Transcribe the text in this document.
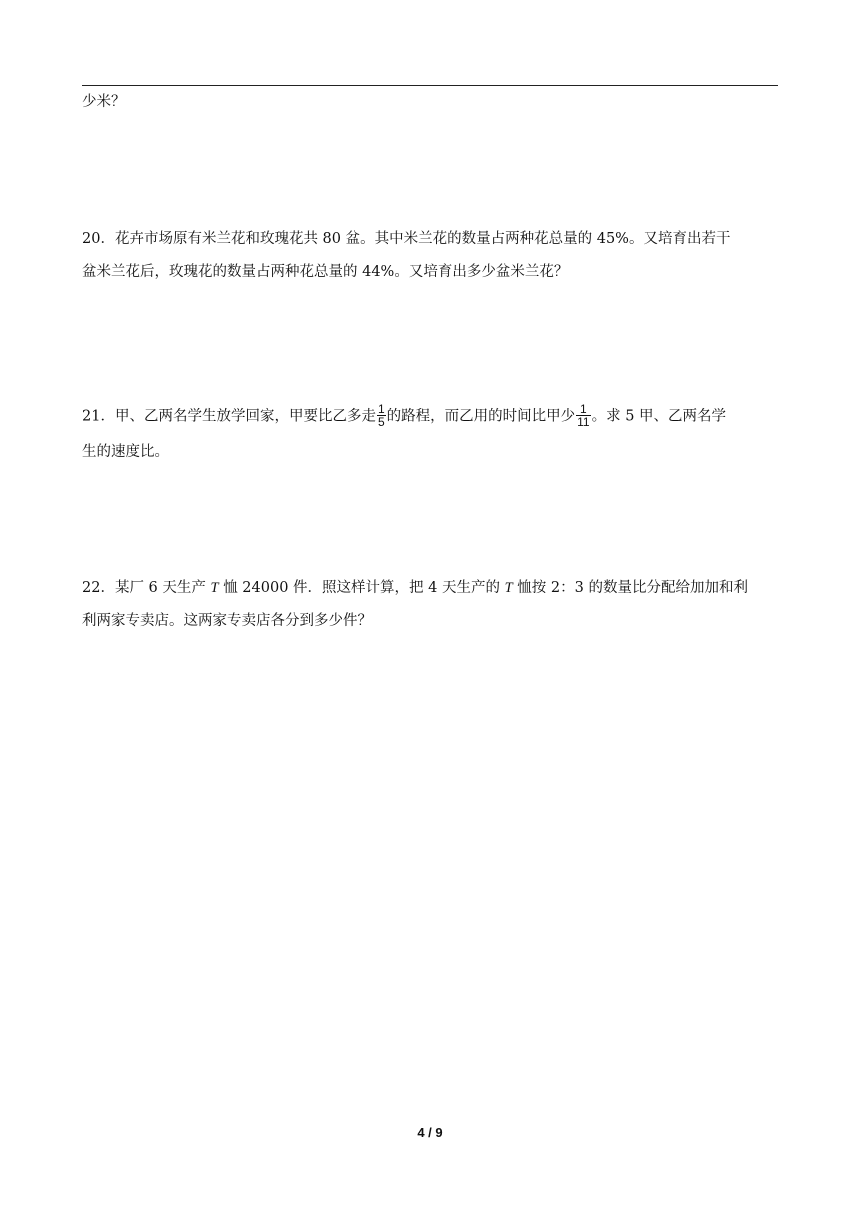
少米？
20．花卉市场原有米兰花和玫瑰花共 80 盆。其中米兰花的数量占两种花总量的 45%。又培育出若干
盆米兰花后，玫瑰花的数量占两种花总量的 44%。又培育出多少盆米兰花？
21．甲、乙两名学生放学回家，甲要比乙多走 $\frac{1}{5}$ 的路程，而乙用的时间比甲少 $\frac{1}{11}$ 。求 5 甲、乙两名学
生的速度比。
22．某厂 6 天生产 T 恤 24000 件．照这样计算，把 4 天生产的 T 恤按 2：3 的数量比分配给加加和利
利两家专卖店。这两家专卖店各分到多少件？
4 / 9
